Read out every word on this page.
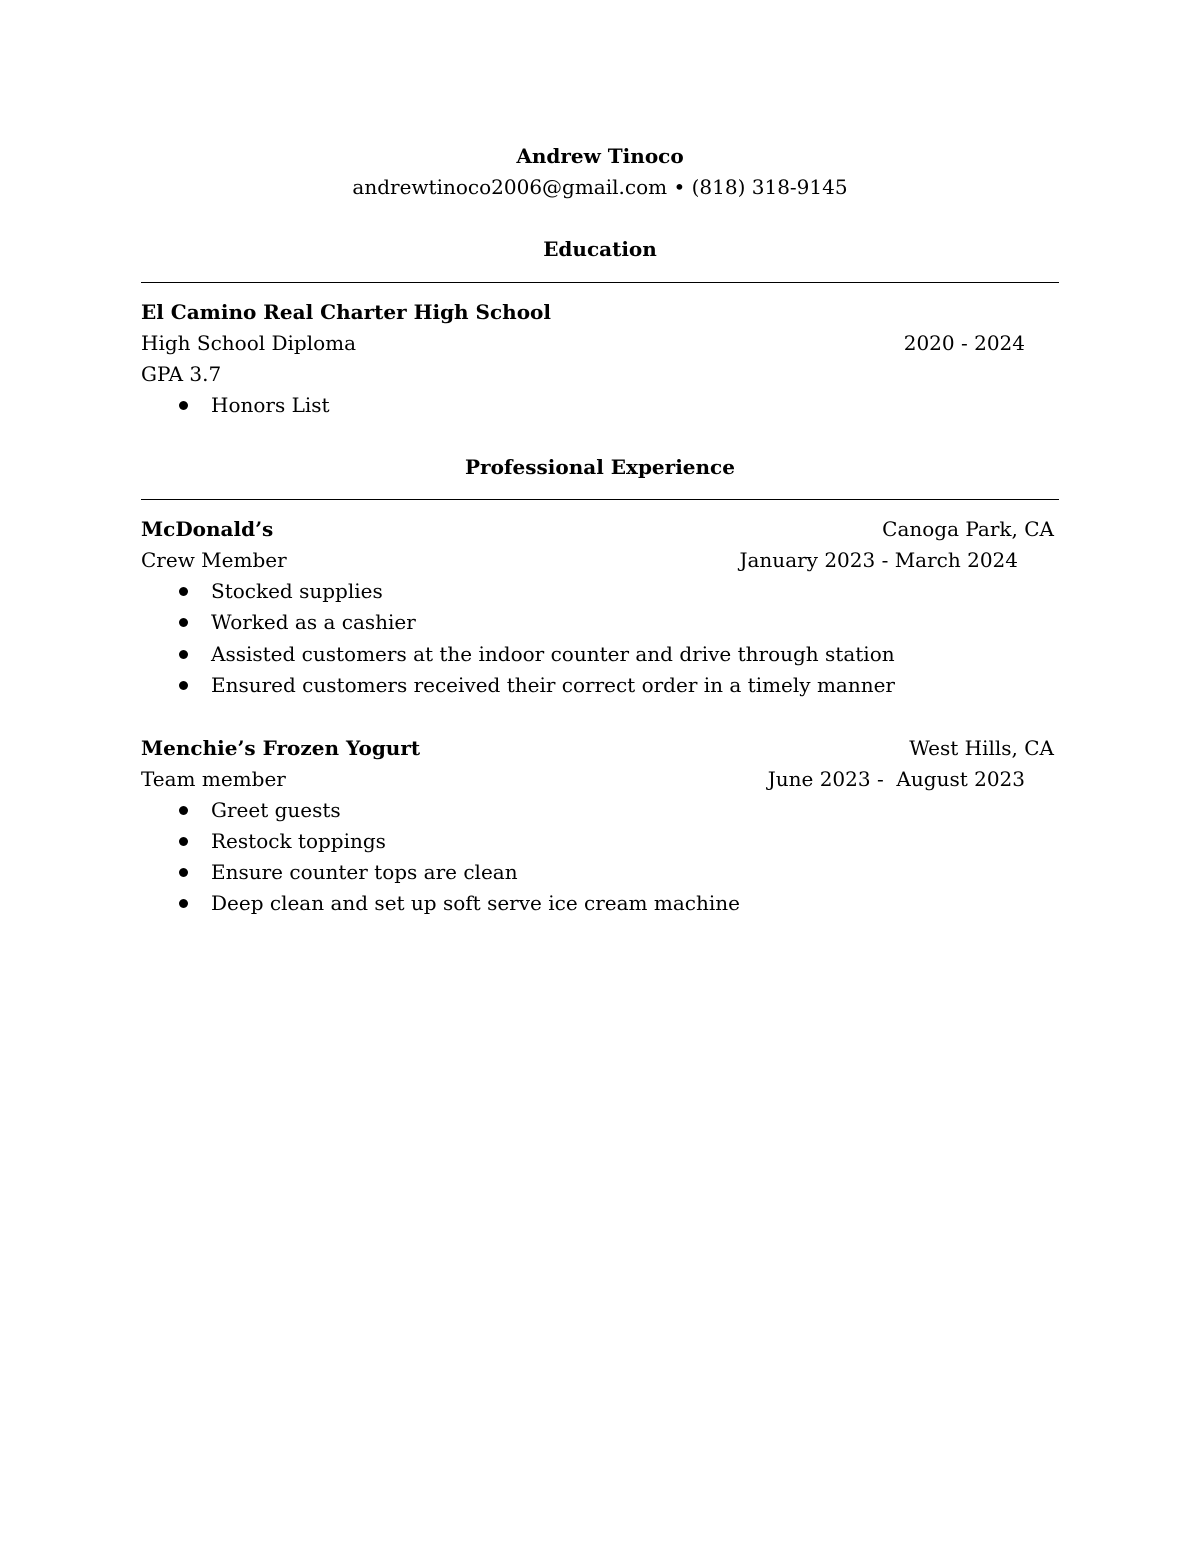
Andrew Tinoco
andrewtinoco2006@gmail.com • (818) 318-9145
Education
El Camino Real Charter High School
High School Diploma	2020 - 2024
GPA 3.7
Honors List
Professional Experience
McDonald’s	Canoga Park, CA
Crew Member	January 2023 - March 2024
Stocked supplies
Worked as a cashier
Assisted customers at the indoor counter and drive through station
Ensured customers received their correct order in a timely manner
Menchie’s Frozen Yogurt	West Hills, CA
Team member	June 2023 -  August 2023
Greet guests
Restock toppings
Ensure counter tops are clean
Deep clean and set up soft serve ice cream machine
